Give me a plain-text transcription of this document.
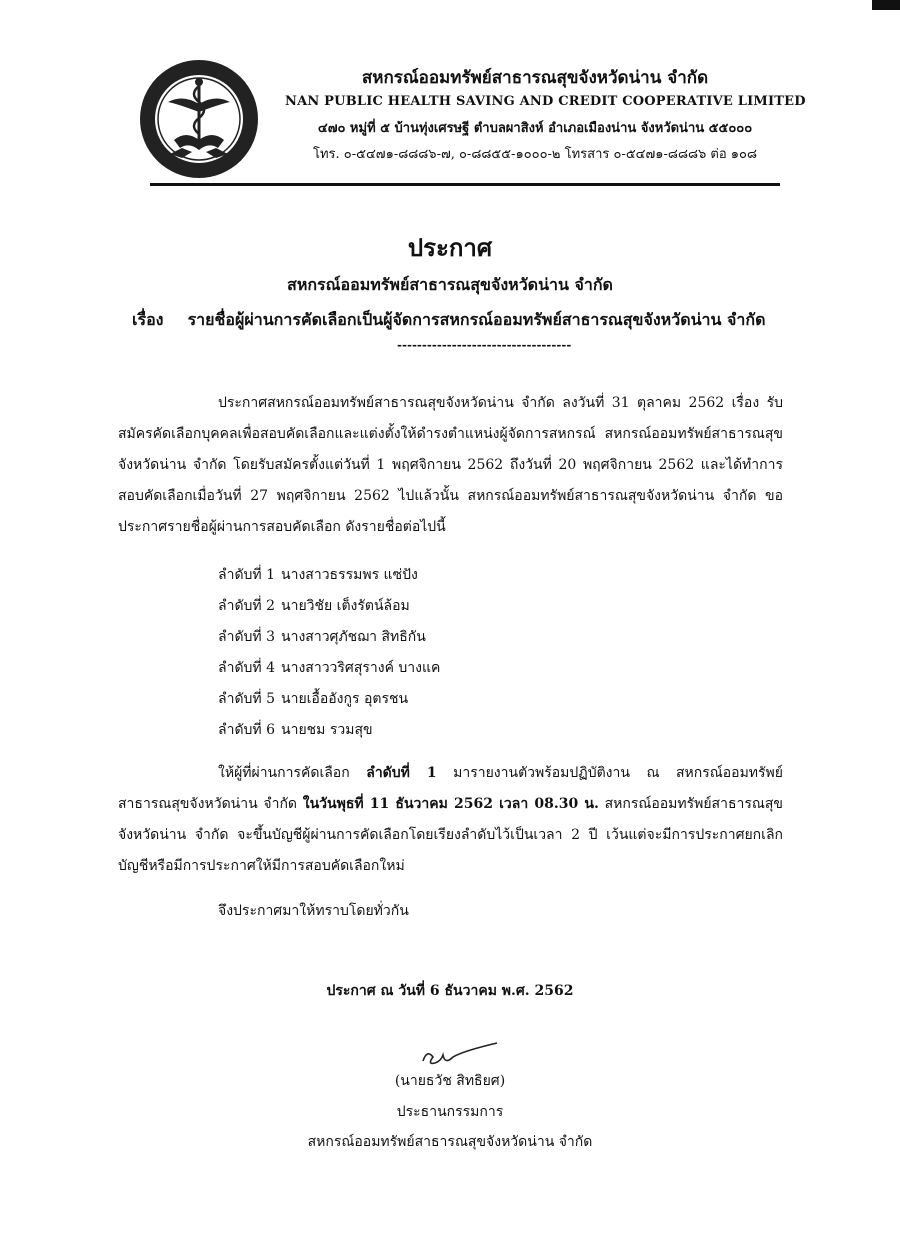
สหกรณ์ออมทรัพย์สาธารณสุขจังหวัดน่าน จำกัด
NAN PUBLIC HEALTH SAVING AND CREDIT COOPERATIVE LIMITED
๔๗๐ หมู่ที่ ๕ บ้านทุ่งเศรษฐี ตำบลผาสิงห์ อำเภอเมืองน่าน จังหวัดน่าน ๕๕๐๐๐
โทร. ๐-๕๔๗๑-๘๘๘๖-๗, ๐-๘๘๕๕-๑๐๐๐-๒ โทรสาร ๐-๕๔๗๑-๘๘๘๖ ต่อ ๑๐๘
ประกาศ
สหกรณ์ออมทรัพย์สาธารณสุขจังหวัดน่าน จำกัด
เรื่อง รายชื่อผู้ผ่านการคัดเลือกเป็นผู้จัดการสหกรณ์ออมทรัพย์สาธารณสุขจังหวัดน่าน จำกัด
-----------------------------------
ประกาศสหกรณ์ออมทรัพย์สาธารณสุขจังหวัดน่าน จำกัด ลงวันที่ 31 ตุลาคม 2562 เรื่อง รับสมัครคัดเลือกบุคคลเพื่อสอบคัดเลือกและแต่งตั้งให้ดำรงตำแหน่งผู้จัดการสหกรณ์ สหกรณ์ออมทรัพย์สาธารณสุขจังหวัดน่าน จำกัด โดยรับสมัครตั้งแต่วันที่ 1 พฤศจิกายน 2562 ถึงวันที่ 20 พฤศจิกายน 2562 และได้ทำการสอบคัดเลือกเมื่อวันที่ 27 พฤศจิกายน 2562 ไปแล้วนั้น สหกรณ์ออมทรัพย์สาธารณสุขจังหวัดน่าน จำกัด ขอประกาศรายชื่อผู้ผ่านการสอบคัดเลือก ดังรายชื่อต่อไปนี้
ลำดับที่ 1 นางสาวธรรมพร แซ่ปัง
ลำดับที่ 2 นายวิชัย เต็งรัตน์ล้อม
ลำดับที่ 3 นางสาวศุภัชฌา สิทธิกัน
ลำดับที่ 4 นางสาววริศสุรางค์ บางแค
ลำดับที่ 5 นายเอื้ออังกูร อุตรชน
ลำดับที่ 6 นายชม รวมสุข
ให้ผู้ที่ผ่านการคัดเลือก ลำดับที่ 1 มารายงานตัวพร้อมปฏิบัติงาน ณ สหกรณ์ออมทรัพย์สาธารณสุขจังหวัดน่าน จำกัด ในวันพุธที่ 11 ธันวาคม 2562 เวลา 08.30 น. สหกรณ์ออมทรัพย์สาธารณสุขจังหวัดน่าน จำกัด จะขึ้นบัญชีผู้ผ่านการคัดเลือกโดยเรียงลำดับไว้เป็นเวลา 2 ปี เว้นแต่จะมีการประกาศยกเลิกบัญชีหรือมีการประกาศให้มีการสอบคัดเลือกใหม่
จึงประกาศมาให้ทราบโดยทั่วกัน
ประกาศ ณ วันที่ 6 ธันวาคม พ.ศ. 2562
(นายธวัช สิทธิยศ)
ประธานกรรมการ
สหกรณ์ออมทรัพย์สาธารณสุขจังหวัดน่าน จำกัด
